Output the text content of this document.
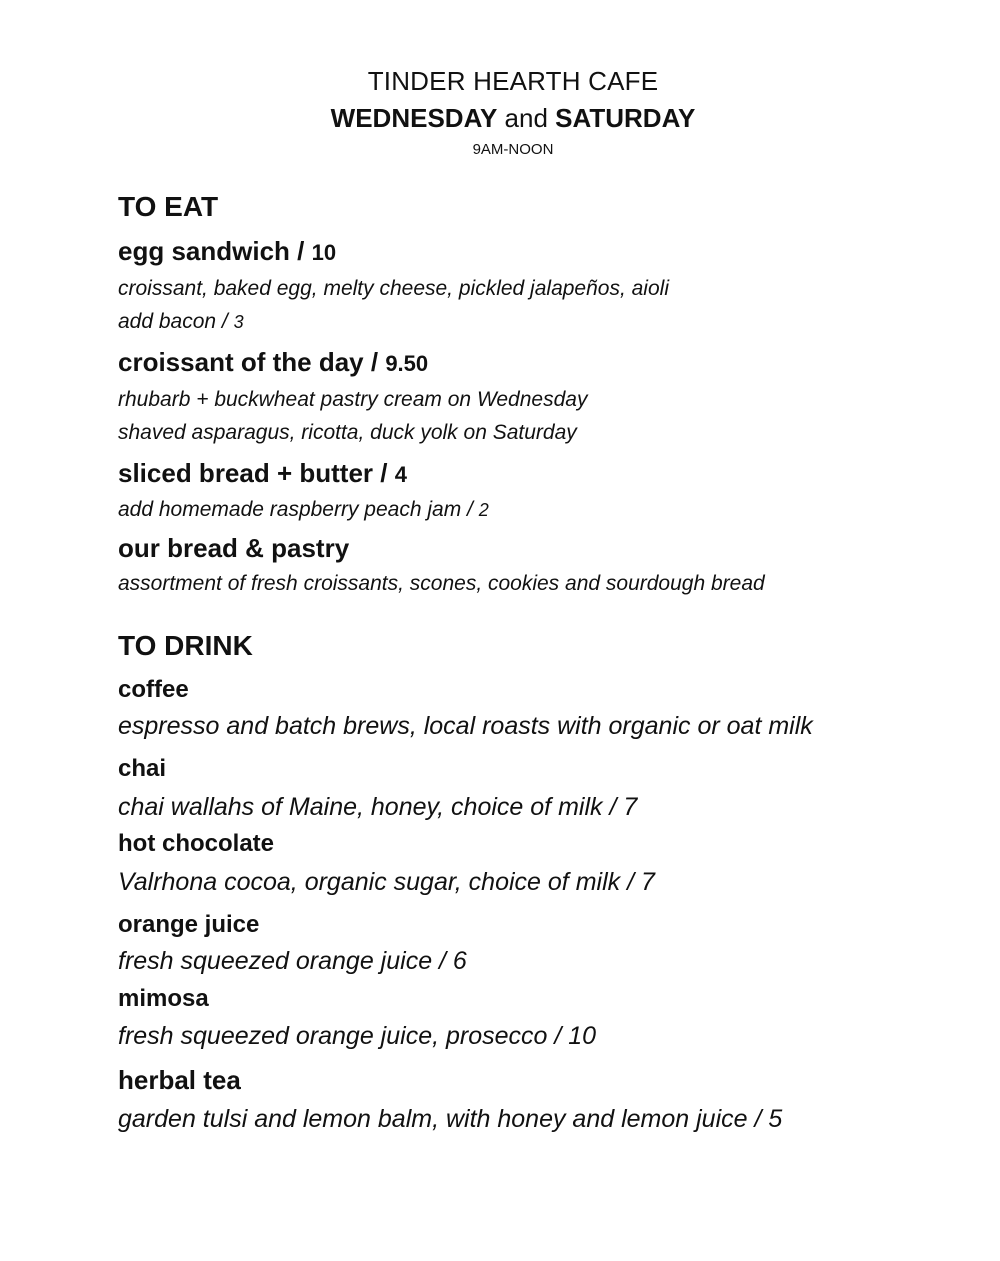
TINDER HEARTH CAFE
WEDNESDAY and SATURDAY
9AM-NOON
TO EAT
egg sandwich / 10
croissant, baked egg, melty cheese, pickled jalapeños, aioli
add bacon / 3
croissant of the day / 9.50
rhubarb + buckwheat pastry cream on Wednesday
shaved asparagus, ricotta, duck yolk on Saturday
sliced bread + butter / 4
add homemade raspberry peach jam / 2
our bread & pastry
assortment of fresh croissants, scones, cookies and sourdough bread
TO DRINK
coffee
espresso and batch brews, local roasts with organic or oat milk
chai
chai wallahs of Maine, honey, choice of milk / 7
hot chocolate
Valrhona cocoa, organic sugar, choice of milk / 7
orange juice
fresh squeezed orange juice / 6
mimosa
fresh squeezed orange juice, prosecco / 10
herbal tea
garden tulsi and lemon balm, with honey and lemon juice / 5
